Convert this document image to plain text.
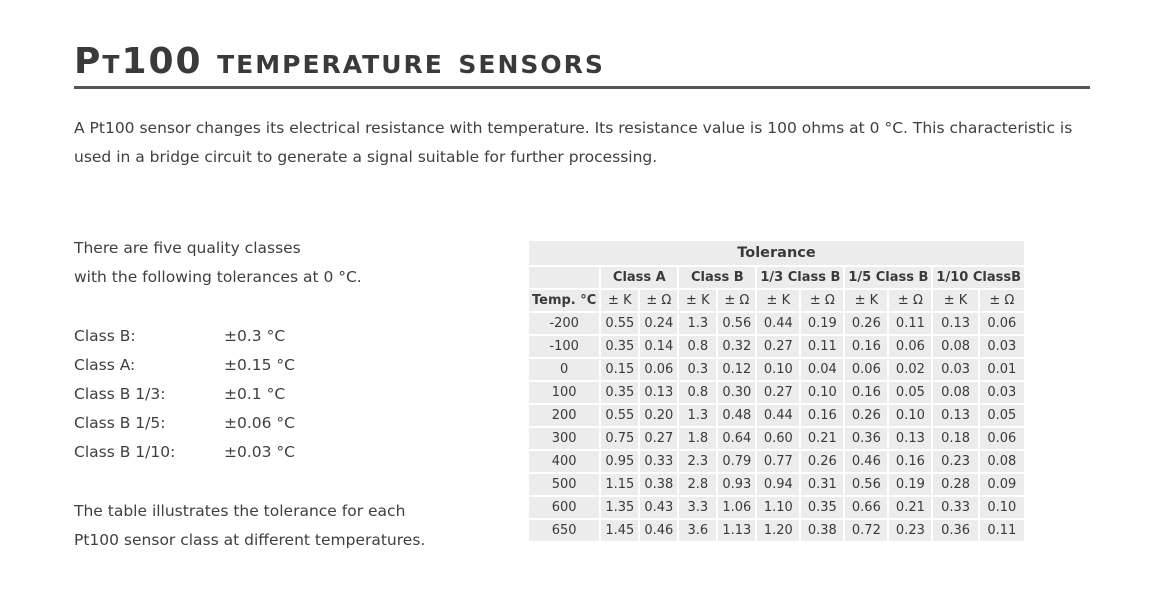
Pt100 temperature sensors

A Pt100 sensor changes its electrical resistance with temperature. Its resistance value is 100 ohms at 0 °C. This characteristic is used in a bridge circuit to generate a signal suitable for further processing.

There are five quality classes

with the following tolerances at 0 °C.

Class B:	±0.3 °C
Class A:	±0.15 °C
Class B 1/3:	±0.1 °C
Class B 1/5:	±0.06 °C
Class B 1/10:	±0.03 °C

The table illustrates the tolerance for each

Pt100 sensor class at different temperatures.

Tolerance										
	Class A		Class B		1/3 Class B		1/5 Class B		1/10 ClassB	
Temp. °C	± K	± Ω	± K	± Ω	± K	± Ω	± K	± Ω	± K	± Ω
-200	0.55	0.24	1.3	0.56	0.44	0.19	0.26	0.11	0.13	0.06
-100	0.35	0.14	0.8	0.32	0.27	0.11	0.16	0.06	0.08	0.03
0	0.15	0.06	0.3	0.12	0.10	0.04	0.06	0.02	0.03	0.01
100	0.35	0.13	0.8	0.30	0.27	0.10	0.16	0.05	0.08	0.03
200	0.55	0.20	1.3	0.48	0.44	0.16	0.26	0.10	0.13	0.05
300	0.75	0.27	1.8	0.64	0.60	0.21	0.36	0.13	0.18	0.06
400	0.95	0.33	2.3	0.79	0.77	0.26	0.46	0.16	0.23	0.08
500	1.15	0.38	2.8	0.93	0.94	0.31	0.56	0.19	0.28	0.09
600	1.35	0.43	3.3	1.06	1.10	0.35	0.66	0.21	0.33	0.10
650	1.45	0.46	3.6	1.13	1.20	0.38	0.72	0.23	0.36	0.11
